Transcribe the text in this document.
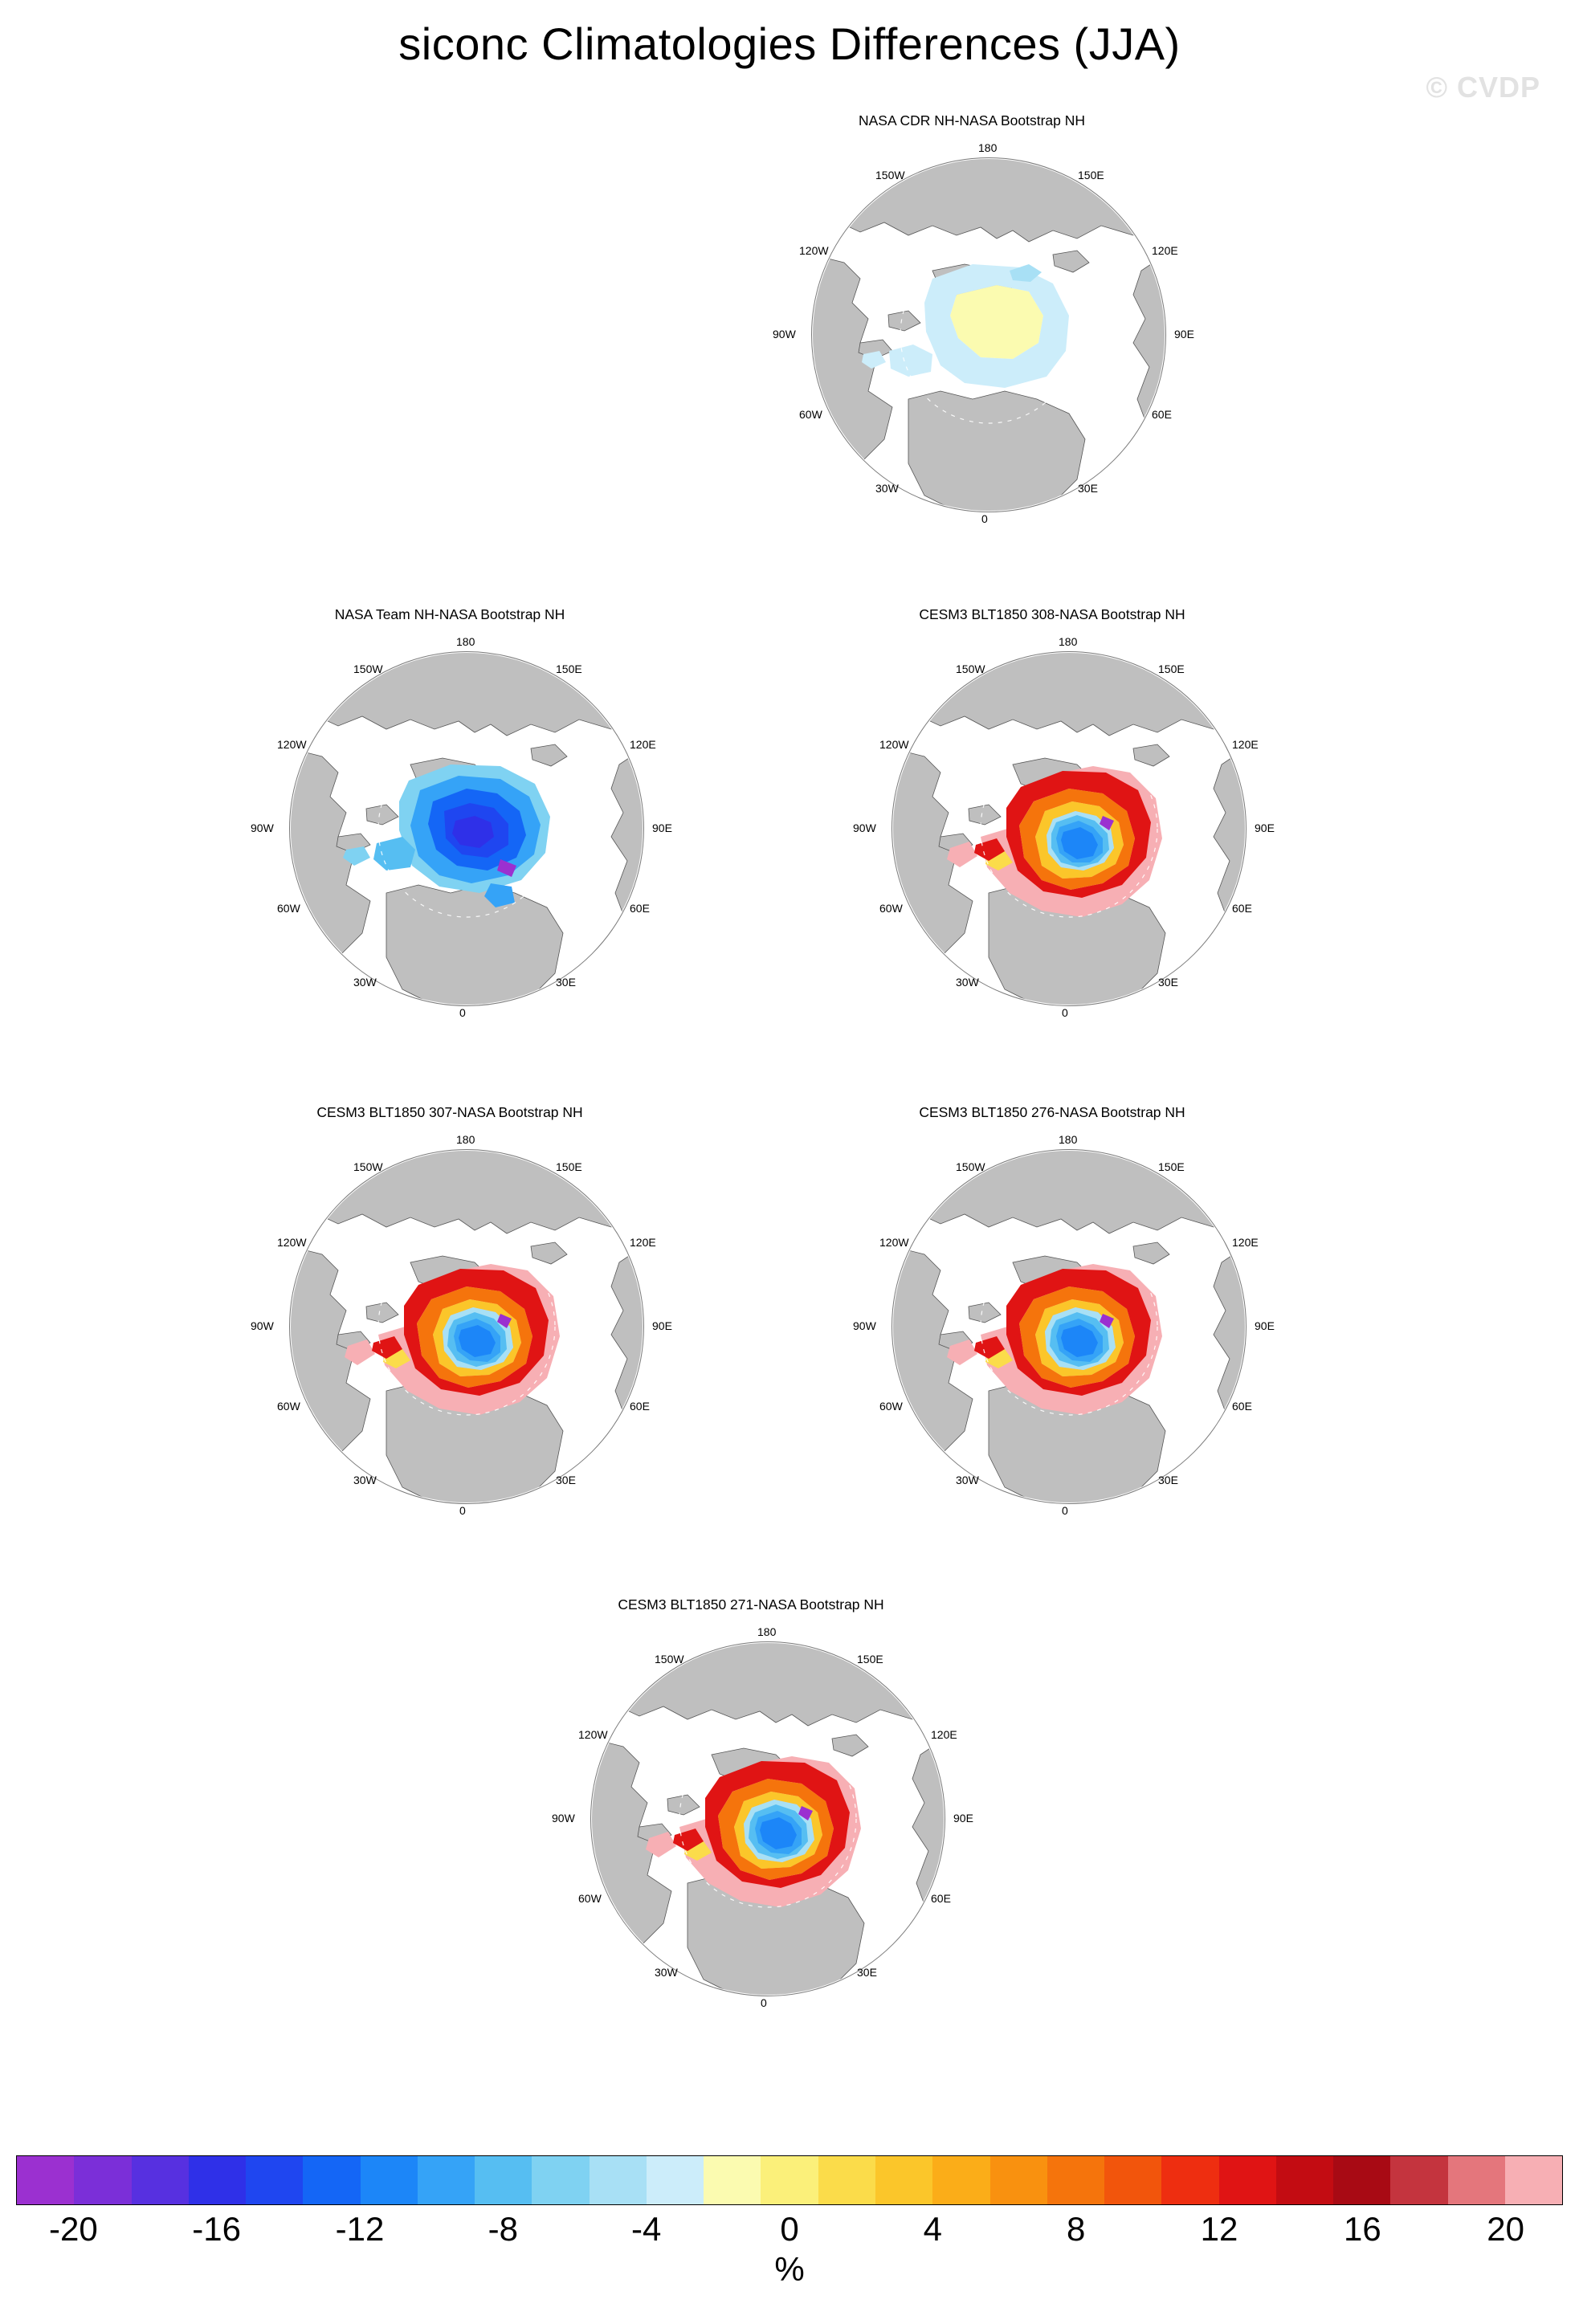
siconc Climatologies Differences (JJA)
© CVDP
NASA CDR NH-NASA Bootstrap NH
180
150W	150E
120W	120E
90W	90E
60W	60E
30W	30E
0
NASA Team NH-NASA Bootstrap NH
180
150W	150E
120W	120E
90W	90E
60W	60E
30W	30E
0
CESM3 BLT1850 308-NASA Bootstrap NH
180
150W	150E
120W	120E
90W	90E
60W	60E
30W	30E
0
CESM3 BLT1850 307-NASA Bootstrap NH
180
150W	150E
120W	120E
90W	90E
60W	60E
30W	30E
0
CESM3 BLT1850 276-NASA Bootstrap NH
180
150W	150E
120W	120E
90W	90E
60W	60E
30W	30E
0
CESM3 BLT1850 271-NASA Bootstrap NH
180
150W	150E
120W	120E
90W	90E
60W	60E
30W	30E
0
-20	-16	-12	-8	-4	0	4	8	12	16	20
%
